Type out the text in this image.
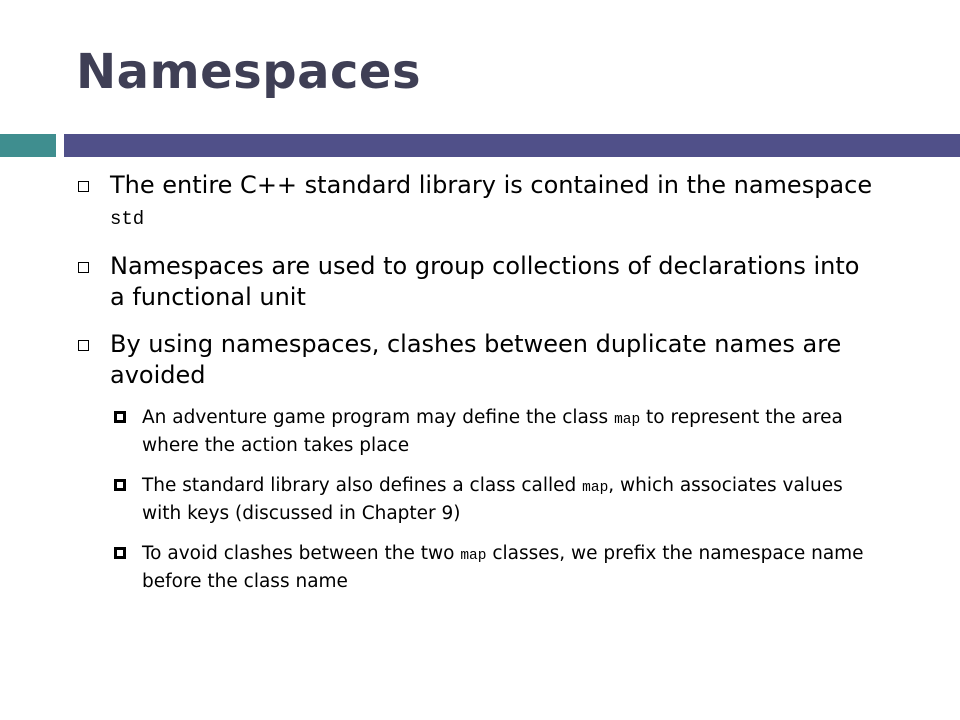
Namespaces
The entire C++ standard library is contained in the namespace std
Namespaces are used to group collections of declarations into a functional unit
By using namespaces, clashes between duplicate names are avoided
An adventure game program may define the class map to represent the area where the action takes place
The standard library also defines a class called map, which associates values with keys (discussed in Chapter 9)
To avoid clashes between the two map classes, we prefix the namespace name before the class name
